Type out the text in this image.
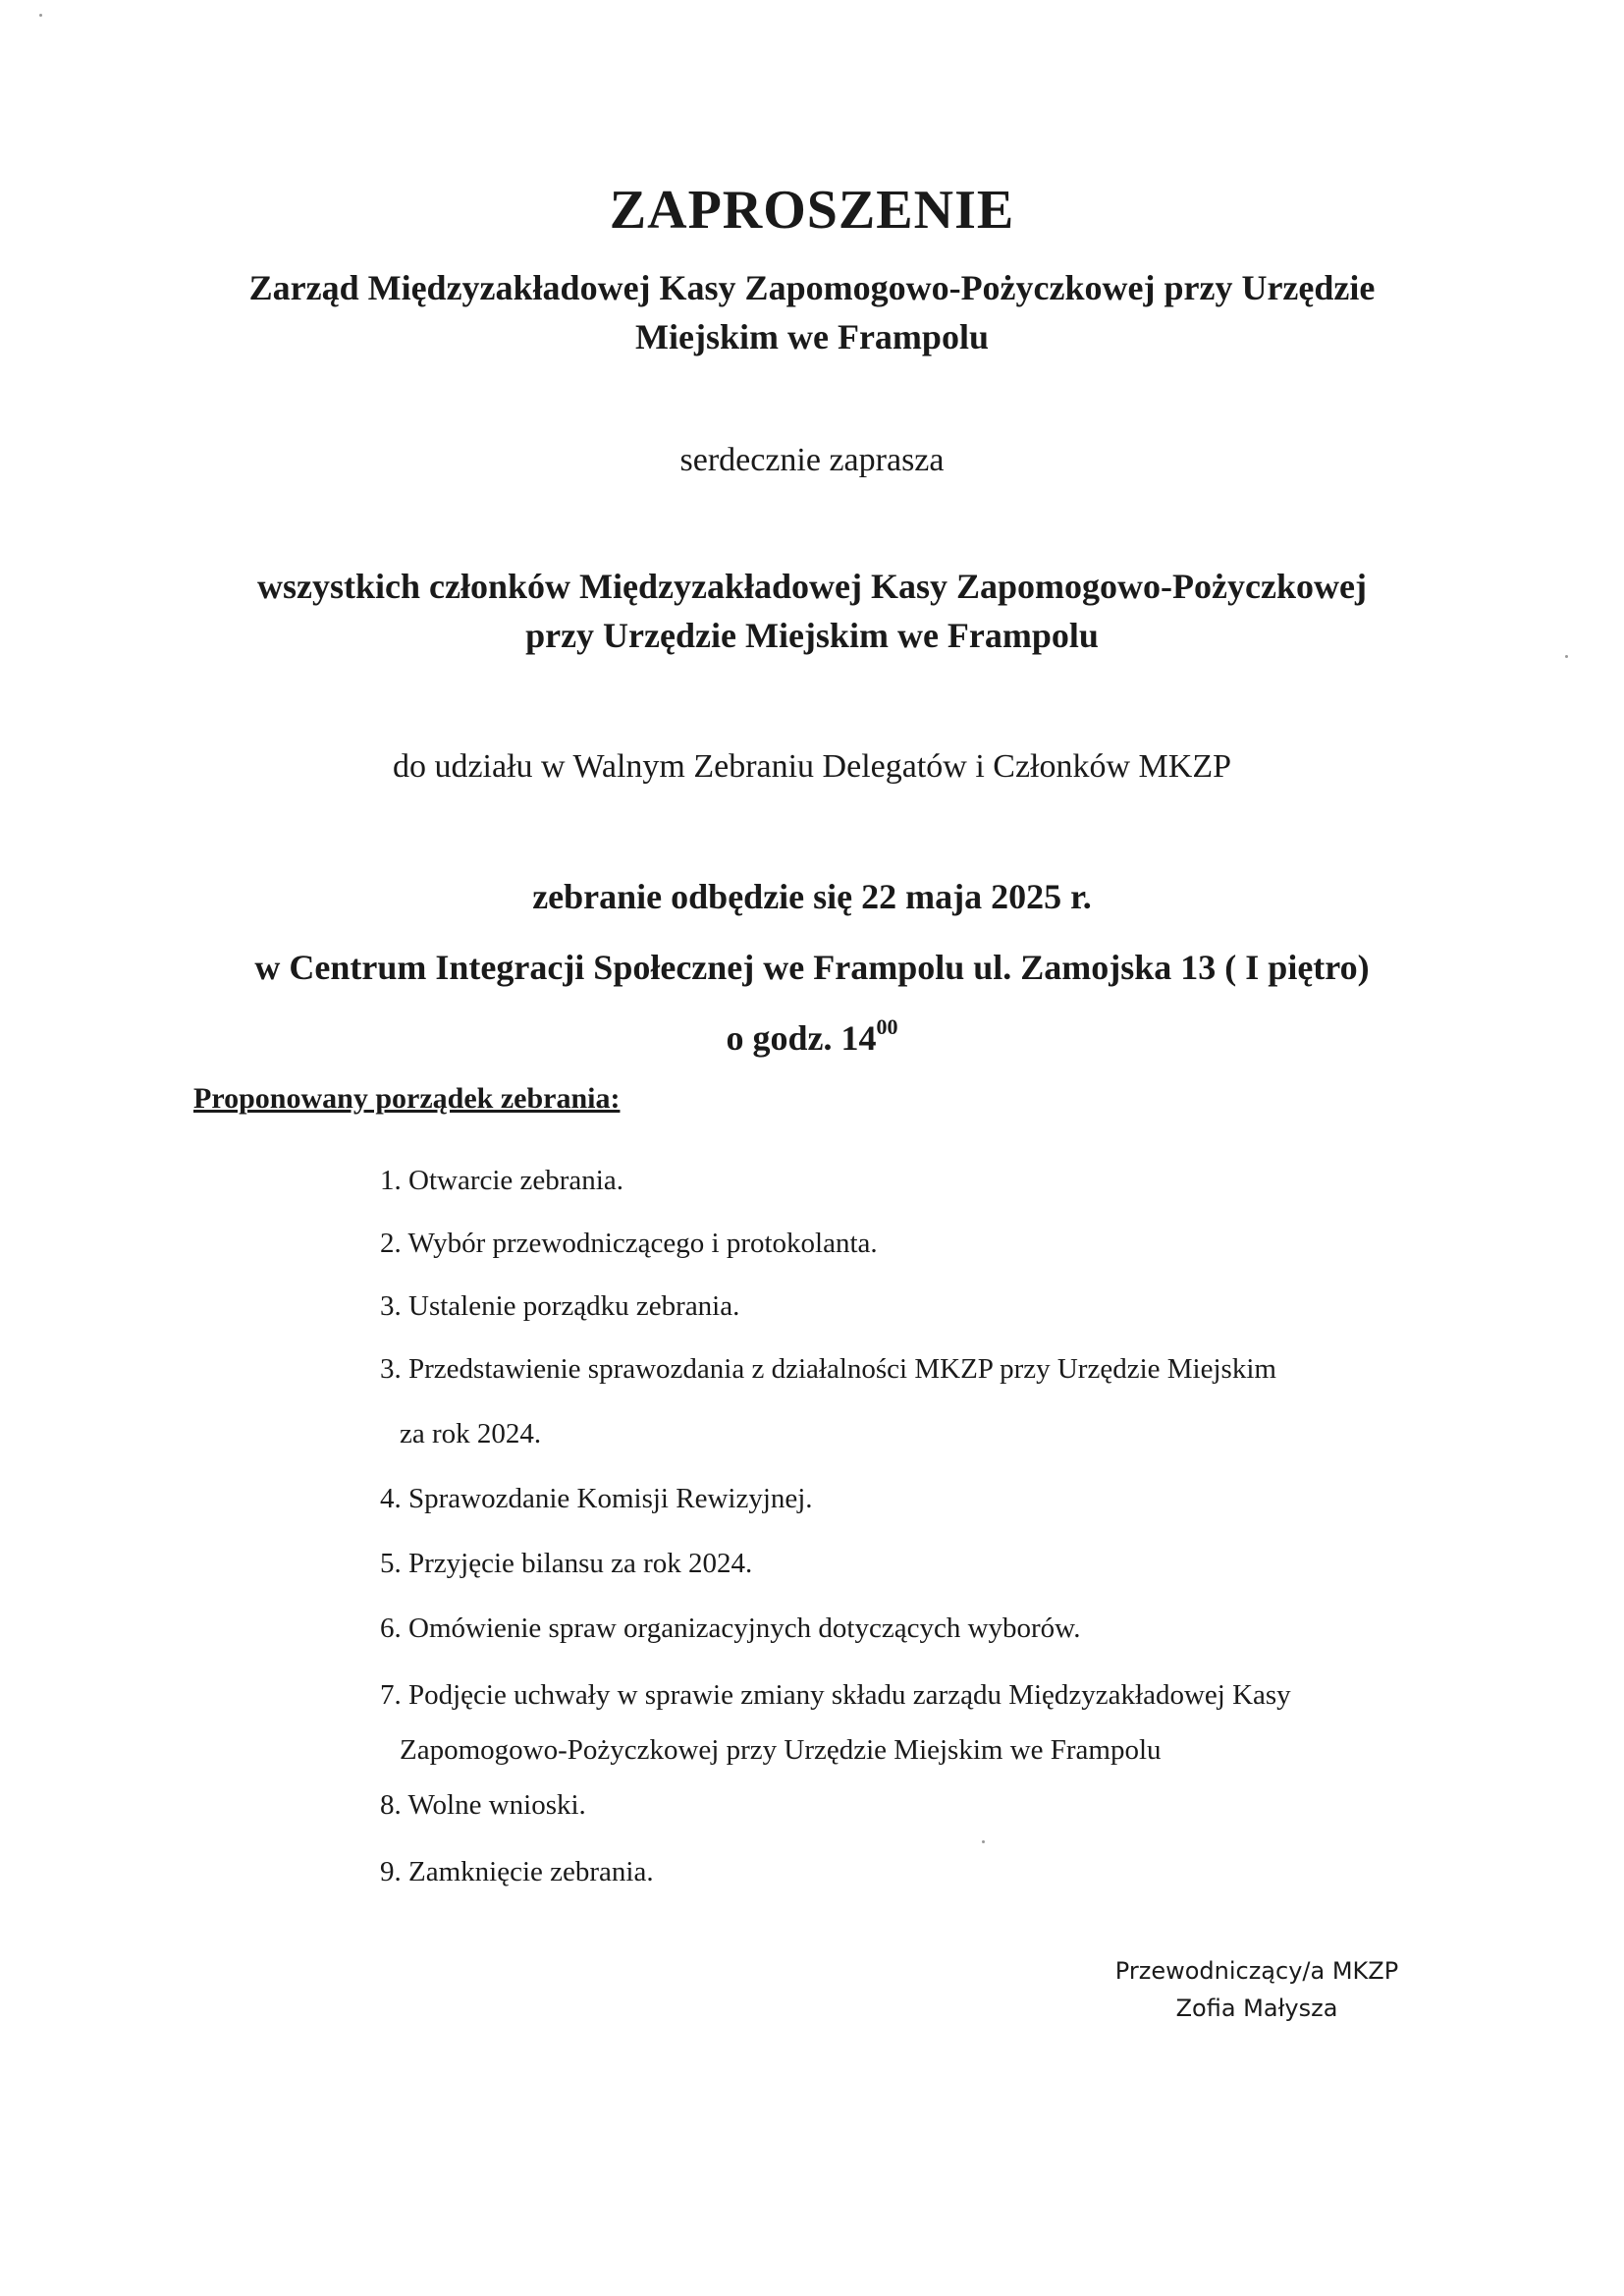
ZAPROSZENIE
Zarząd Międzyzakładowej Kasy Zapomogowo-Pożyczkowej przy Urzędzie
Miejskim we Frampolu
serdecznie zaprasza
wszystkich członków Międzyzakładowej Kasy Zapomogowo-Pożyczkowej
przy Urzędzie Miejskim we Frampolu
do udziału w Walnym Zebraniu Delegatów i Członków MKZP
zebranie odbędzie się 22 maja 2025 r.
w Centrum Integracji Społecznej we Frampolu ul. Zamojska 13 ( I piętro)
o godz. $14^{00}$
Proponowany porządek zebrania:
1. Otwarcie zebrania.
2. Wybór przewodniczącego i protokolanta.
3. Ustalenie porządku zebrania.
3. Przedstawienie sprawozdania z działalności MKZP przy Urzędzie Miejskim
za rok 2024.
4. Sprawozdanie Komisji Rewizyjnej.
5. Przyjęcie bilansu za rok 2024.
6. Omówienie spraw organizacyjnych dotyczących wyborów.
7. Podjęcie uchwały w sprawie zmiany składu zarządu Międzyzakładowej Kasy
Zapomogowo-Pożyczkowej przy Urzędzie Miejskim we Frampolu
8. Wolne wnioski.
9. Zamknięcie zebrania.
Przewodniczący/a MKZP
Zofia Małysza
